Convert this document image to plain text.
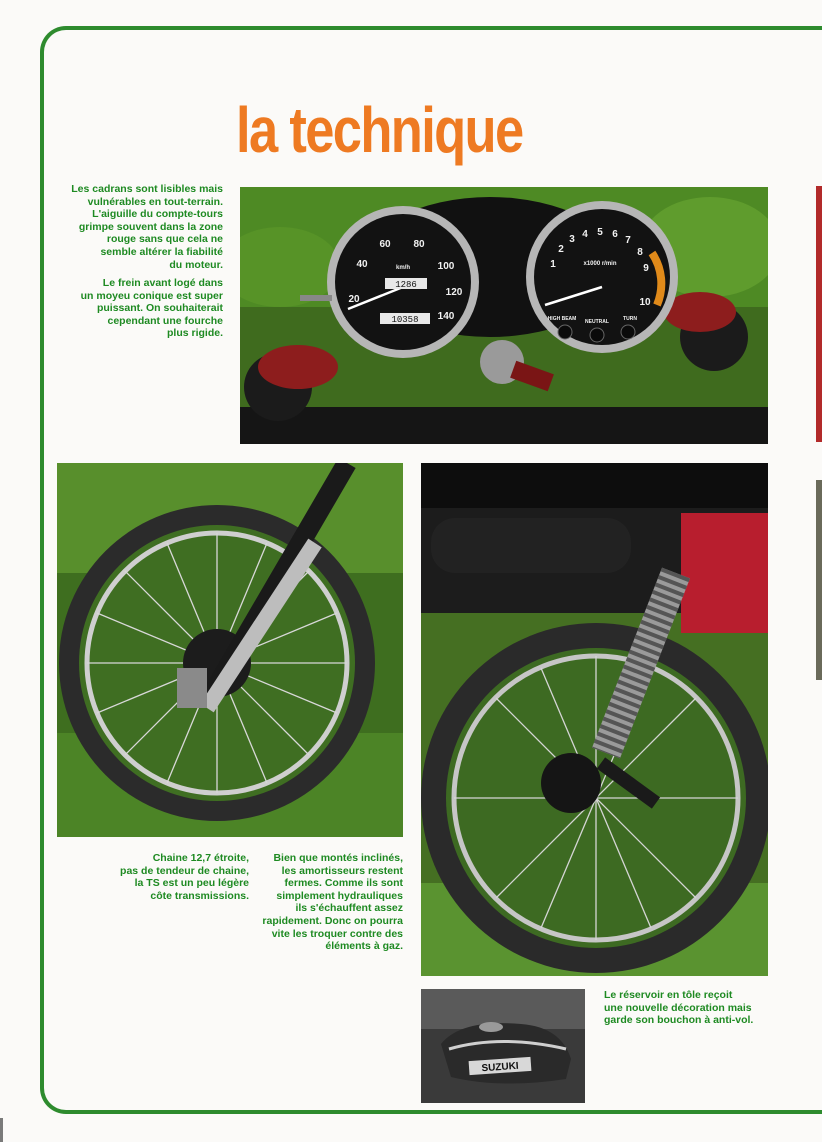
la technique
Les cadrans sont lisibles mais
vulnérables en tout-terrain.
L'aiguille du compte-tours
grimpe souvent dans la zone
rouge sans que cela ne
semble altérer la fiabilité
du moteur.
Le frein avant logé dans
un moyeu conique est super
puissant. On souhaiterait
cependant une fourche
plus rigide.
Chaine 12,7 étroite,
pas de tendeur de chaine,
la TS est un peu légère
côte transmissions.
Bien que montés inclinés,
les amortisseurs restent
fermes. Comme ils sont
simplement hydrauliques
ils s'échauffent assez
rapidement. Donc on pourra
vite les troquer contre des
éléments à gaz.
Le réservoir en tôle reçoit
une nouvelle décoration mais
garde son bouchon à anti-vol.
20
40
60 80
100
120
140
km/h
1286
10358
1
2
3 4 5 6
7
8
9
10
x1000 r/min
HIGH BEAM NEUTRAL	TURN
SUZUKI
